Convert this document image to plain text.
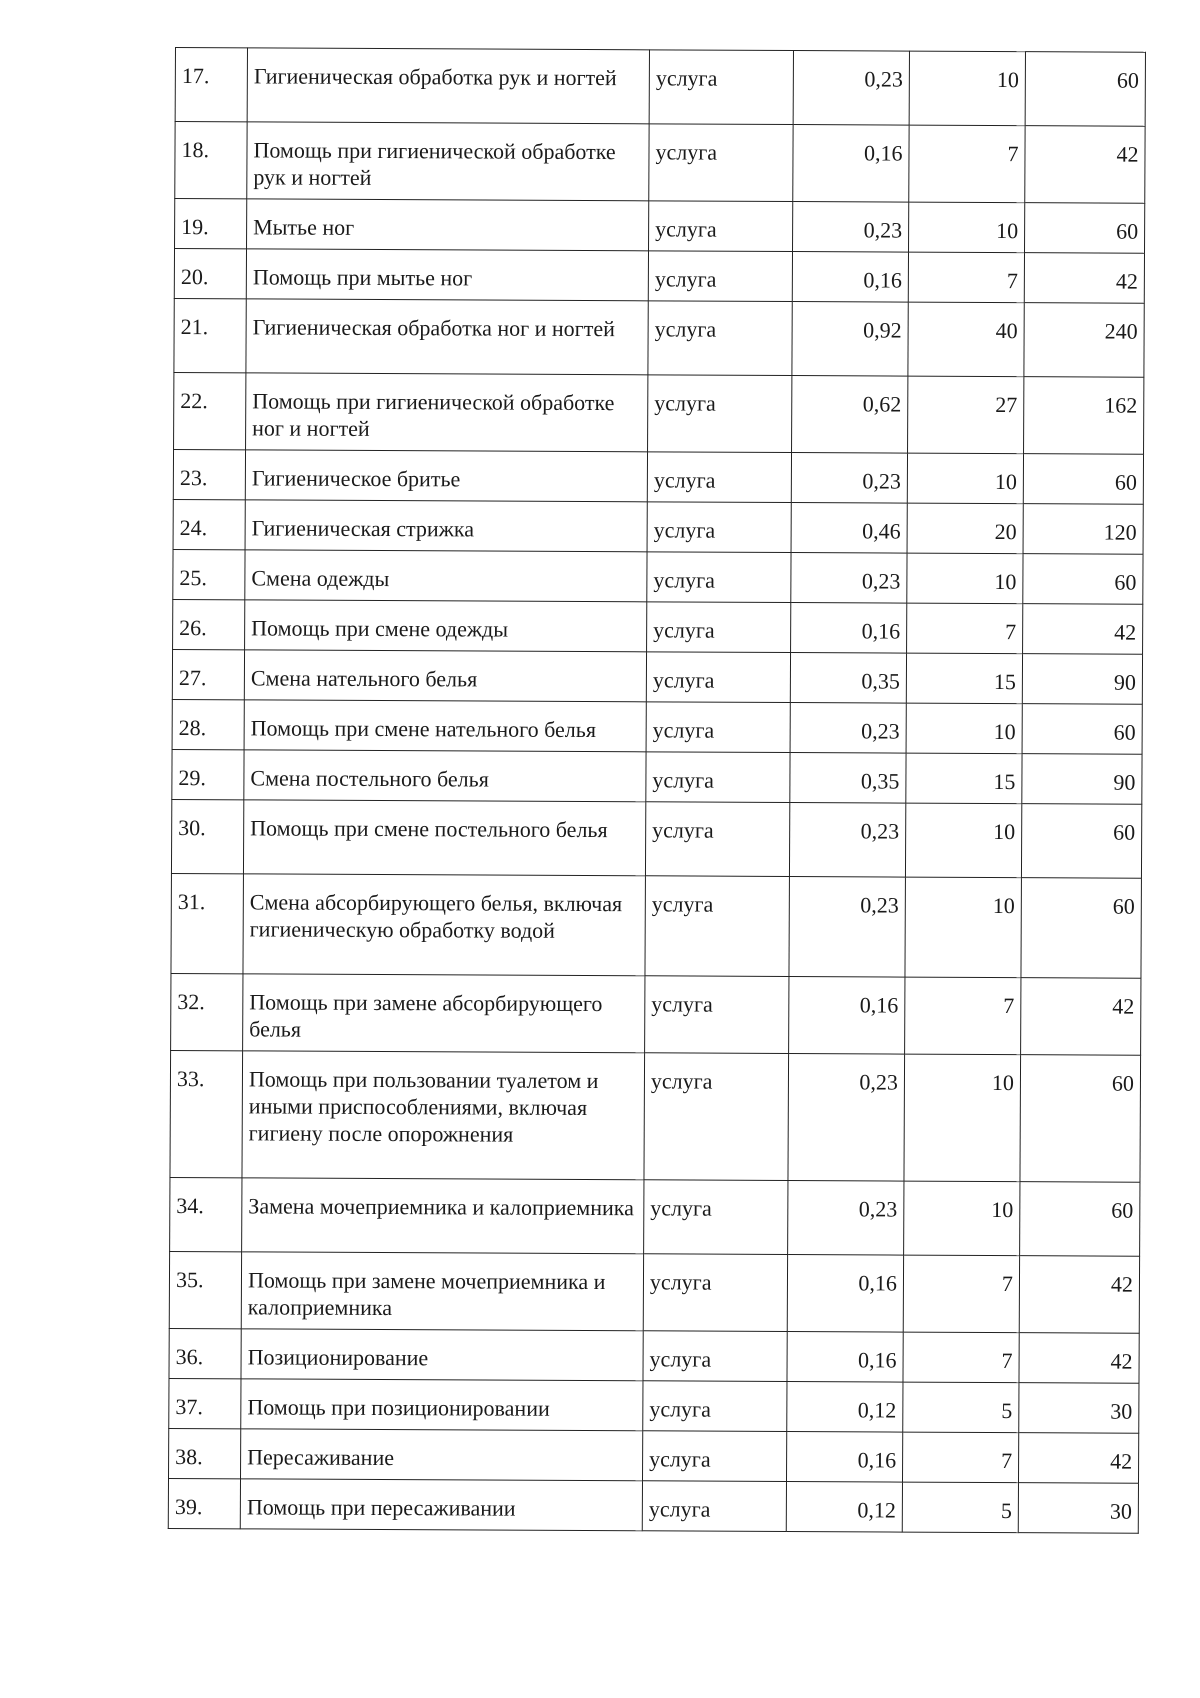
17.	Гигиеническая обработка рук и ногтей	услуга	0,23	10	60
18.	Помощь при гигиенической обработке рук и ногтей	услуга	0,16	7	42
19.	Мытье ног	услуга	0,23	10	60
20.	Помощь при мытье ног	услуга	0,16	7	42
21.	Гигиеническая обработка ног и ногтей	услуга	0,92	40	240
22.	Помощь при гигиенической обработке ног и ногтей	услуга	0,62	27	162
23.	Гигиеническое бритье	услуга	0,23	10	60
24.	Гигиеническая стрижка	услуга	0,46	20	120
25.	Смена одежды	услуга	0,23	10	60
26.	Помощь при смене одежды	услуга	0,16	7	42
27.	Смена нательного белья	услуга	0,35	15	90
28.	Помощь при смене нательного белья	услуга	0,23	10	60
29.	Смена постельного белья	услуга	0,35	15	90
30.	Помощь при смене постельного белья	услуга	0,23	10	60
31.	Смена абсорбирующего белья, включая гигиеническую обработку водой	услуга	0,23	10	60
32.	Помощь при замене абсорбирующего белья	услуга	0,16	7	42
33.	Помощь при пользовании туалетом и иными приспособлениями, включая гигиену после опорожнения	услуга	0,23	10	60
34.	Замена мочеприемника и калоприемника	услуга	0,23	10	60
35.	Помощь при замене мочеприемника и калоприемника	услуга	0,16	7	42
36.	Позиционирование	услуга	0,16	7	42
37.	Помощь при позиционировании	услуга	0,12	5	30
38.	Пересаживание	услуга	0,16	7	42
39.	Помощь при пересаживании	услуга	0,12	5	30
